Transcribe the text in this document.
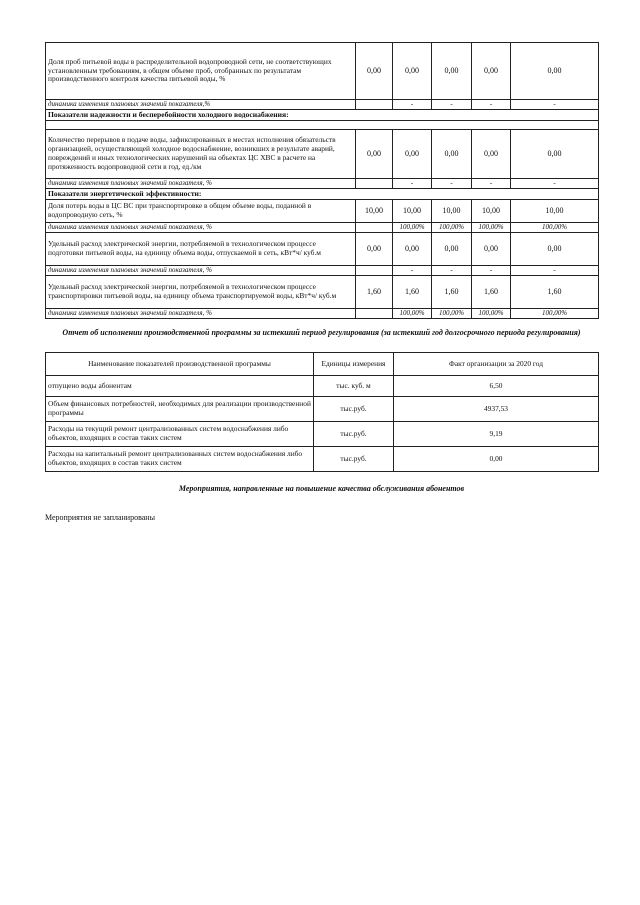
Доля проб питьевой воды в распределительной водопроводной сети, не соответствующих установленным требованиям, в общем объеме проб, отобранных по результатам производственного контроля качества питьевой воды, %	0,00	0,00	0,00	0,00	0,00
динамика изменения плановых значений показателя,%		-	-	-	-
Показатели надежности и бесперебойности холодного водоснабжения:					

Количество перерывов в подаче воды, зафиксированных в местах исполнения обязательств организацией, осуществляющей холодное водоснабжение, возникших в результате аварий, повреждений и иных технологических нарушений на объектах ЦС ХВС в расчете на протяженность водопроводной сети в год, ед./км	0,00	0,00	0,00	0,00	0,00
динамика изменения плановых значений показателя, %		-	-	-	-
Показатели энергетической эффективности:					
Доля потерь воды в ЦС ВС при транспортировке в общем объеме воды, поданной в водопроводную сеть, %	10,00	10,00	10,00	10,00	10,00
динамика изменения плановых значений показателя, %		100,00%	100,00%	100,00%	100,00%
Удельный расход электрической энергии, потребляемой в технологическом процессе подготовки питьевой воды, на единицу объема воды, отпускаемой в сеть, кВт*ч/ куб.м	0,00	0,00	0,00	0,00	0,00
динамика изменения плановых значений показателя, %		-	-	-	-
Удельный расход электрической энергии, потребляемой в технологическом процессе транспортировки питьевой воды, на единицу объема транспортируемой воды, кВт*ч/ куб.м	1,60	1,60	1,60	1,60	1,60
динамика изменения плановых значений показателя, %		100,00%	100,00%	100,00%	100,00%
Отчет об исполнении производственной программы за истекший период регулирования (за истекший год долгосрочного периода регулирования)
Наименование показателей производственной программы	Единицы измерения	Факт организации за 2020 год
отпущено воды абонентам	тыс. куб. м	6,50
Объем финансовых потребностей, необходимых для реализации производственной программы	тыс.руб.	4937,53
Расходы на текущий ремонт централизованных систем водоснабжения либо объектов, входящих в состав таких систем	тыс.руб.	9,19
Расходы на капитальный ремонт централизованных систем водоснабжения либо объектов, входящих в состав таких систем	тыс.руб.	0,00
Мероприятия, направленные на повышение качества обслуживания абонентов
Мероприятия не запланированы
